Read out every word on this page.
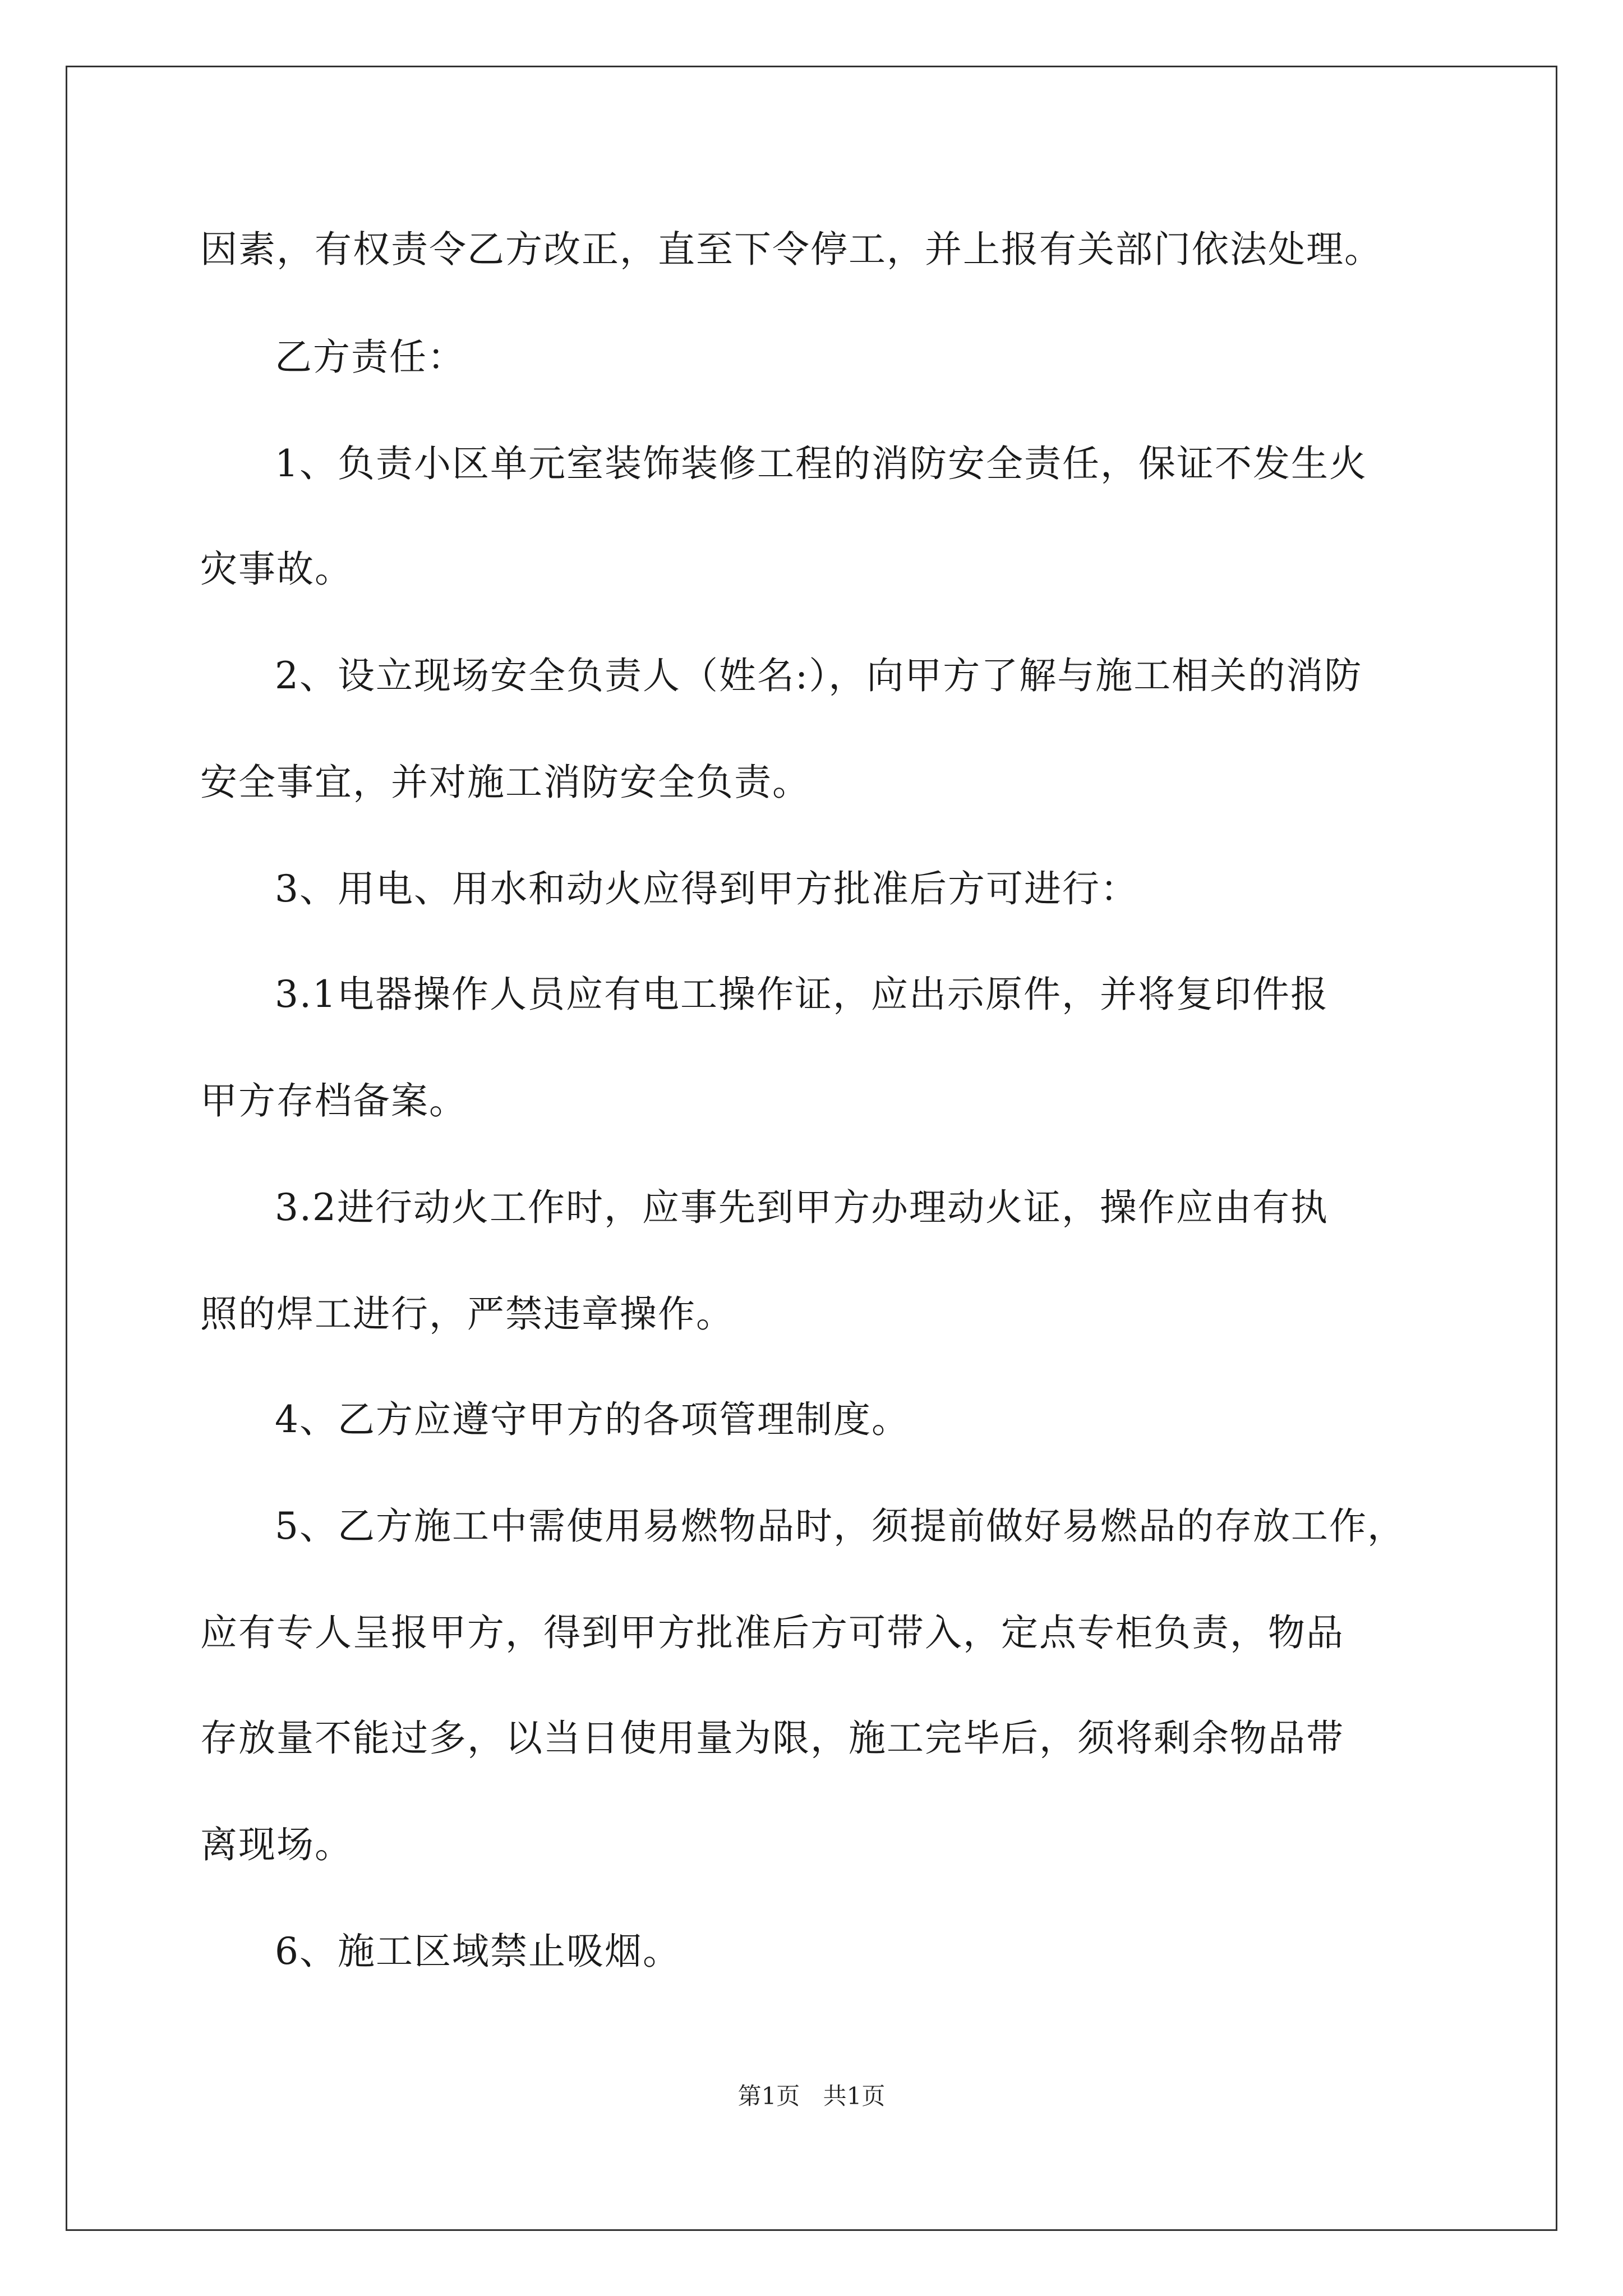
因素，有权责令乙方改正，直至下令停工，并上报有关部门依法处理。
乙方责任：
1、负责小区单元室装饰装修工程的消防安全责任，保证不发生火
灾事故。
2、设立现场安全负责人（姓名:），向甲方了解与施工相关的消防
安全事宜，并对施工消防安全负责。
3、用电、用水和动火应得到甲方批准后方可进行：
3.1电器操作人员应有电工操作证，应出示原件，并将复印件报
甲方存档备案。
3.2进行动火工作时，应事先到甲方办理动火证，操作应由有执
照的焊工进行，严禁违章操作。
4、乙方应遵守甲方的各项管理制度。
5、乙方施工中需使用易燃物品时，须提前做好易燃品的存放工作，
应有专人呈报甲方，得到甲方批准后方可带入，定点专柜负责，物品
存放量不能过多，以当日使用量为限，施工完毕后，须将剩余物品带
离现场。
6、施工区域禁止吸烟。
第1页 共1页
